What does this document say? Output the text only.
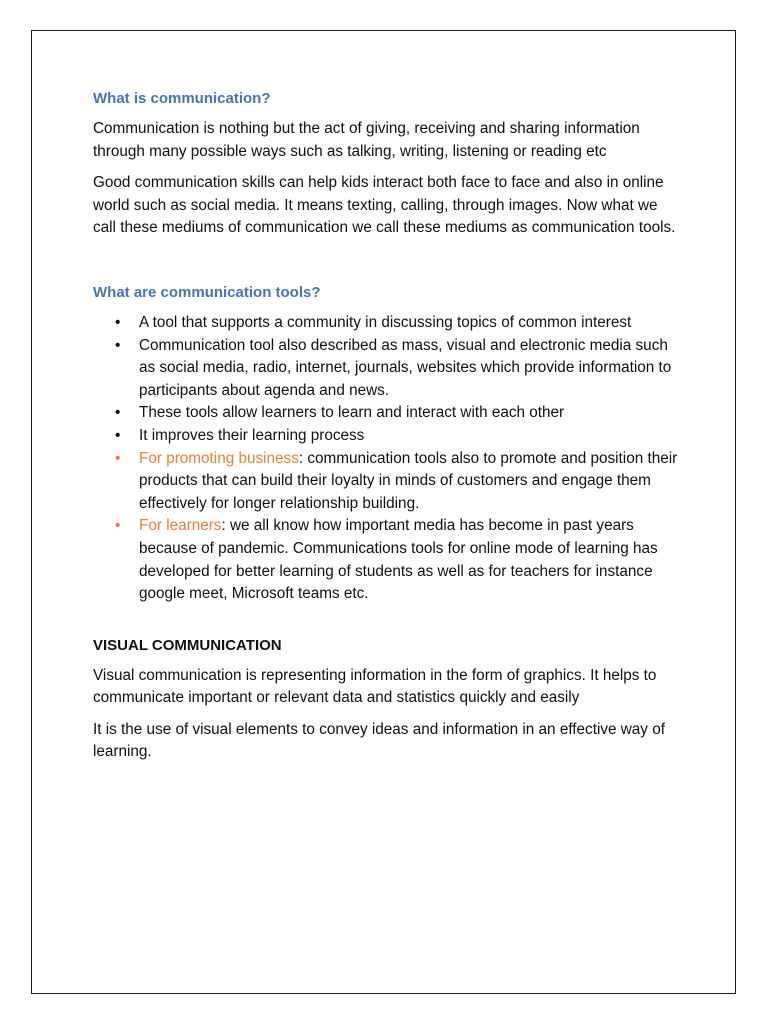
What is communication?

Communication is nothing but the act of giving, receiving and sharing information through many possible ways such as talking, writing, listening or reading etc

Good communication skills can help kids interact both face to face and also in online world such as social media. It means texting, calling, through images. Now what we call these mediums of communication we call these mediums as communication tools.

What are communication tools?
• A tool that supports a community in discussing topics of common interest
• Communication tool also described as mass, visual and electronic media such as social media, radio, internet, journals, websites which provide information to participants about agenda and news.
• These tools allow learners to learn and interact with each other
• It improves their learning process
• For promoting business: communication tools also to promote and position their products that can build their loyalty in minds of customers and engage them effectively for longer relationship building.
• For learners: we all know how important media has become in past years because of pandemic. Communications tools for online mode of learning has developed for better learning of students as well as for teachers for instance google meet, Microsoft teams etc.
VISUAL COMMUNICATION

Visual communication is representing information in the form of graphics. It helps to communicate important or relevant data and statistics quickly and easily

It is the use of visual elements to convey ideas and information in an effective way of learning.
